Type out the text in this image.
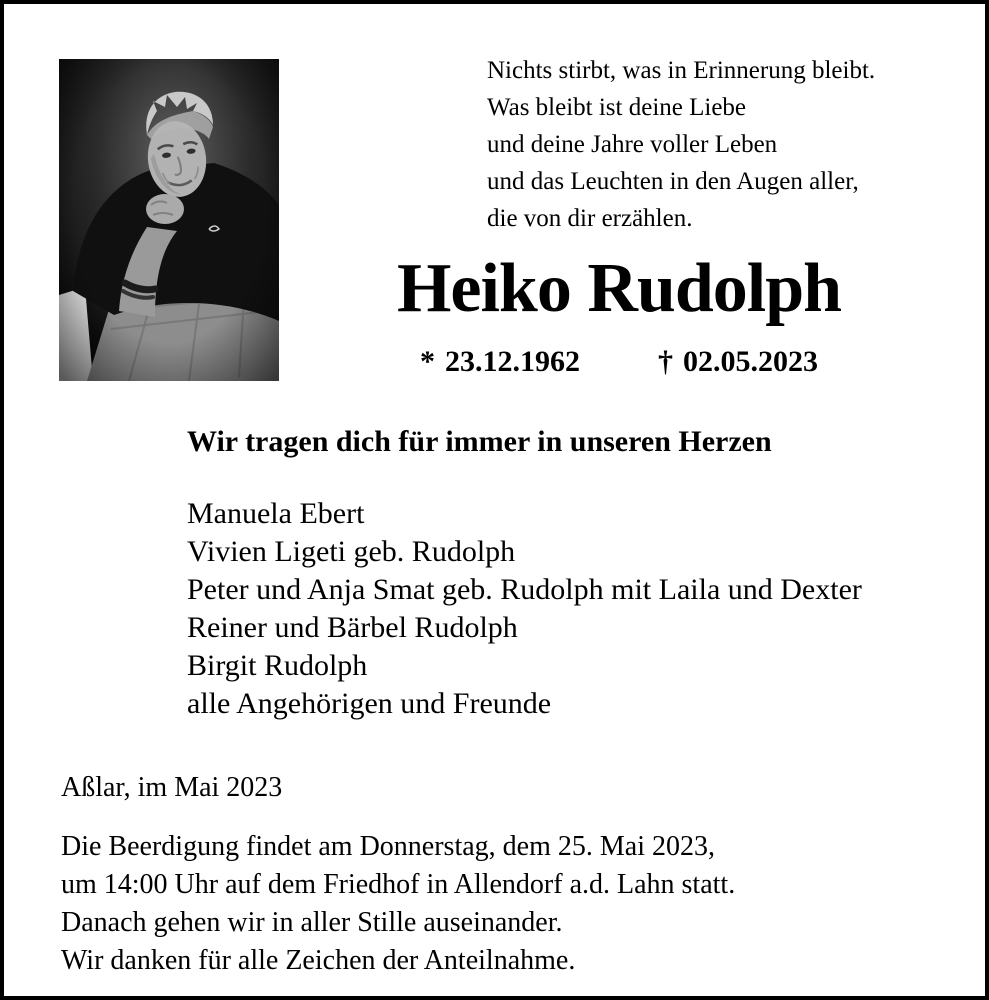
Nichts stirbt, was in Erinnerung bleibt.
Was bleibt ist deine Liebe
und deine Jahre voller Leben
und das Leuchten in den Augen aller,
die von dir erzählen.
Heiko Rudolph
* 23.12.1962	† 02.05.2023
Wir tragen dich für immer in unseren Herzen
Manuela Ebert
Vivien Ligeti geb. Rudolph
Peter und Anja Smat geb. Rudolph mit Laila und Dexter
Reiner und Bärbel Rudolph
Birgit Rudolph
alle Angehörigen und Freunde
Aßlar, im Mai 2023
Die Beerdigung findet am Donnerstag, dem 25. Mai 2023,
um 14:00 Uhr auf dem Friedhof in Allendorf a.d. Lahn statt.
Danach gehen wir in aller Stille auseinander.
Wir danken für alle Zeichen der Anteilnahme.
